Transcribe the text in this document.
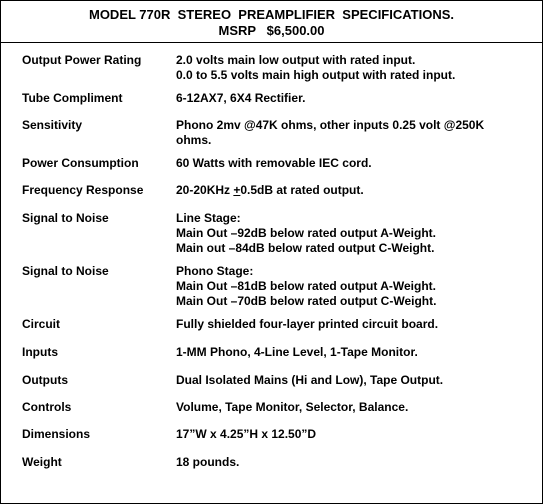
MODEL 770R  STEREO  PREAMPLIFIER  SPECIFICATIONS.
MSRP   $6,500.00
Output Power Rating	2.0 volts main low output with rated input.
0.0 to 5.5 volts main high output with rated input.
Tube Compliment	6-12AX7, 6X4 Rectifier.
Sensitivity	Phono 2mv @47K ohms, other inputs 0.25 volt @250K
ohms.
Power Consumption	60 Watts with removable IEC cord.
Frequency Response	20-20KHz +0.5dB at rated output.
Signal to Noise	Line Stage:
Main Out –92dB below rated output A-Weight.
Main out –84dB below rated output C-Weight.
Signal to Noise	Phono Stage:
Main Out –81dB below rated output A-Weight.
Main Out –70dB below rated output C-Weight.
Circuit	Fully shielded four-layer printed circuit board.
Inputs	1-MM Phono, 4-Line Level, 1-Tape Monitor.
Outputs	Dual Isolated Mains (Hi and Low), Tape Output.
Controls	Volume, Tape Monitor, Selector, Balance.
Dimensions	17”W x 4.25”H x 12.50”D
Weight	18 pounds.
